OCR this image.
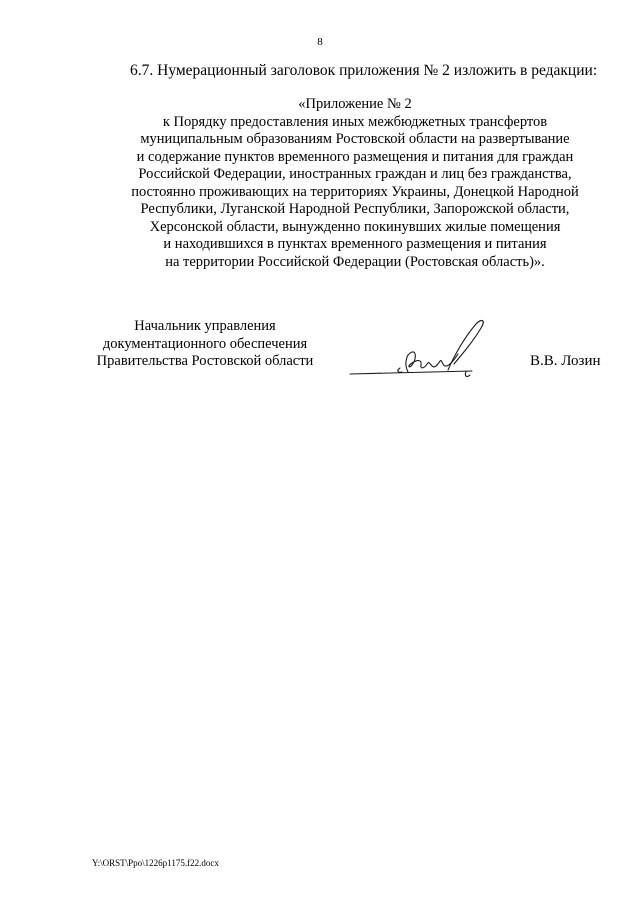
8
6.7. Нумерационный заголовок приложения № 2 изложить в редакции:
«Приложение № 2
к Порядку предоставления иных межбюджетных трансфертов
муниципальным образованиям Ростовской области на развертывание
и содержание пунктов временного размещения и питания для граждан
Российской Федерации, иностранных граждан и лиц без гражданства,
постоянно проживающих на территориях Украины, Донецкой Народной
Республики, Луганской Народной Республики, Запорожской области,
Херсонской области, вынужденно покинувших жилые помещения
и находившихся в пунктах временного размещения и питания
на территории Российской Федерации (Ростовская область)».
Начальник управления
документационного обеспечения
Правительства Ростовской области	В.В. Лозин
Y:\ORST\Ppo\1226p1175.f22.docx
